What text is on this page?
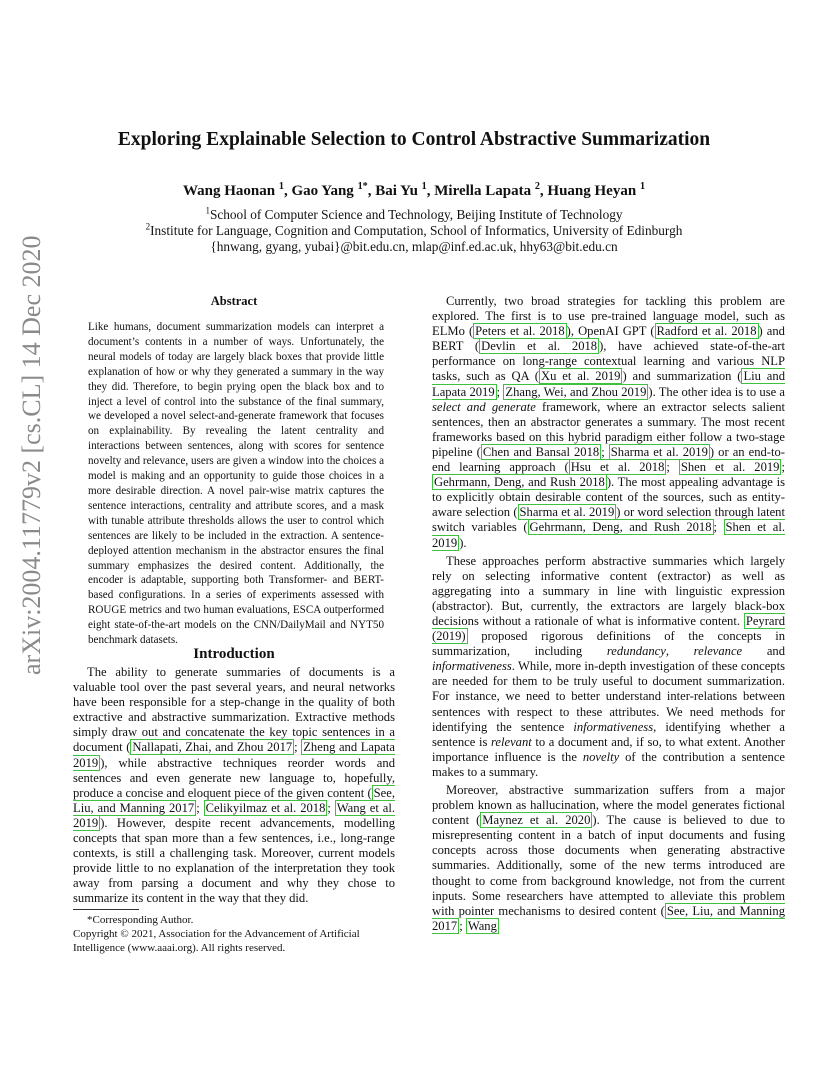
arXiv:2004.11779v2 [cs.CL] 14 Dec 2020
Exploring Explainable Selection to Control Abstractive Summarization
Wang Haonan $^1$, Gao Yang $^{1*}$, Bai Yu $^1$, Mirella Lapata $^2$, Huang Heyan $^1$
$^1$School of Computer Science and Technology, Beijing Institute of Technology
$^2$Institute for Language, Cognition and Computation, School of Informatics, University of Edinburgh
{hnwang, gyang, yubai}@bit.edu.cn, mlap@inf.ed.ac.uk, hhy63@bit.edu.cn
Abstract
Like humans, document summarization models can interpret a document’s contents in a number of ways. Unfortunately, the neural models of today are largely black boxes that provide little explanation of how or why they generated a summary in the way they did. Therefore, to begin prying open the black box and to inject a level of control into the substance of the final summary, we developed a novel select-and-generate framework that focuses on explainability. By revealing the latent centrality and interactions between sentences, along with scores for sentence novelty and relevance, users are given a window into the choices a model is making and an opportunity to guide those choices in a more desirable direction. A novel pair-wise matrix captures the sentence interactions, centrality and attribute scores, and a mask with tunable attribute thresholds allows the user to control which sentences are likely to be included in the extraction. A sentence-deployed attention mechanism in the abstractor ensures the final summary emphasizes the desired content. Additionally, the encoder is adaptable, supporting both Transformer- and BERT-based configurations. In a series of experiments assessed with ROUGE metrics and two human evaluations, ESCA outperformed eight state-of-the-art models on the CNN/DailyMail and NYT50 benchmark datasets.
Introduction

The ability to generate summaries of documents is a valuable tool over the past several years, and neural networks have been responsible for a step-change in the quality of both extractive and abstractive summarization. Extractive methods simply draw out and concatenate the key topic sentences in a document ( Nallapati, Zhai, and Zhou 2017 ; Zheng and Lapata 2019 ), while abstractive techniques reorder words and sentences and even generate new language to, hopefully, produce a concise and eloquent piece of the given content ( See, Liu, and Manning 2017 ; Celikyilmaz et al. 2018 ; Wang et al. 2019 ). However, despite recent advancements, modelling concepts that span more than a few sentences, i.e., long-range contexts, is still a challenging task. Moreover, current models provide little to no explanation of the interpretation they took away from parsing a document and why they chose to summarize its content in the way that they did.

*Corresponding Author.
Copyright © 2021, Association for the Advancement of Artificial Intelligence (www.aaai.org). All rights reserved.

Currently, two broad strategies for tackling this problem are explored. The first is to use pre-trained language model, such as ELMo ( Peters et al. 2018 ), OpenAI GPT ( Radford et al. 2018 ) and BERT ( Devlin et al. 2018 ), have achieved state-of-the-art performance on long-range contextual learning and various NLP tasks, such as QA ( Xu et al. 2019 ) and summarization ( Liu and Lapata 2019 ; Zhang, Wei, and Zhou 2019 ). The other idea is to use a select and generate framework, where an extractor selects salient sentences, then an abstractor generates a summary. The most recent frameworks based on this hybrid paradigm either follow a two-stage pipeline ( Chen and Bansal 2018 ; Sharma et al. 2019 ) or an end-to-end learning approach ( Hsu et al. 2018 ; Shen et al. 2019 ; Gehrmann, Deng, and Rush 2018 ). The most appealing advantage is to explicitly obtain desirable content of the sources, such as entity-aware selection ( Sharma et al. 2019 ) or word selection through latent switch variables ( Gehrmann, Deng, and Rush 2018 ; Shen et al. 2019 ).

These approaches perform abstractive summaries which largely rely on selecting informative content (extractor) as well as aggregating into a summary in line with linguistic expression (abstractor). But, currently, the extractors are largely black-box decisions without a rationale of what is informative content. Peyrard (2019) proposed rigorous definitions of the concepts in summarization, including redundancy, relevance and informativeness. While, more in-depth investigation of these concepts are needed for them to be truly useful to document summarization. For instance, we need to better understand inter-relations between sentences with respect to these attributes. We need methods for identifying the sentence informativeness, identifying whether a sentence is relevant to a document and, if so, to what extent. Another importance influence is the novelty of the contribution a sentence makes to a summary.

Moreover, abstractive summarization suffers from a major problem known as hallucination, where the model generates fictional content ( Maynez et al. 2020 ). The cause is believed to due to misrepresenting content in a batch of input documents and fusing concepts across those documents when generating abstractive summaries. Additionally, some of the new terms introduced are thought to come from background knowledge, not from the current inputs. Some researchers have attempted to alleviate this problem with pointer mechanisms to desired content ( See, Liu, and Manning 2017 ; Wang
